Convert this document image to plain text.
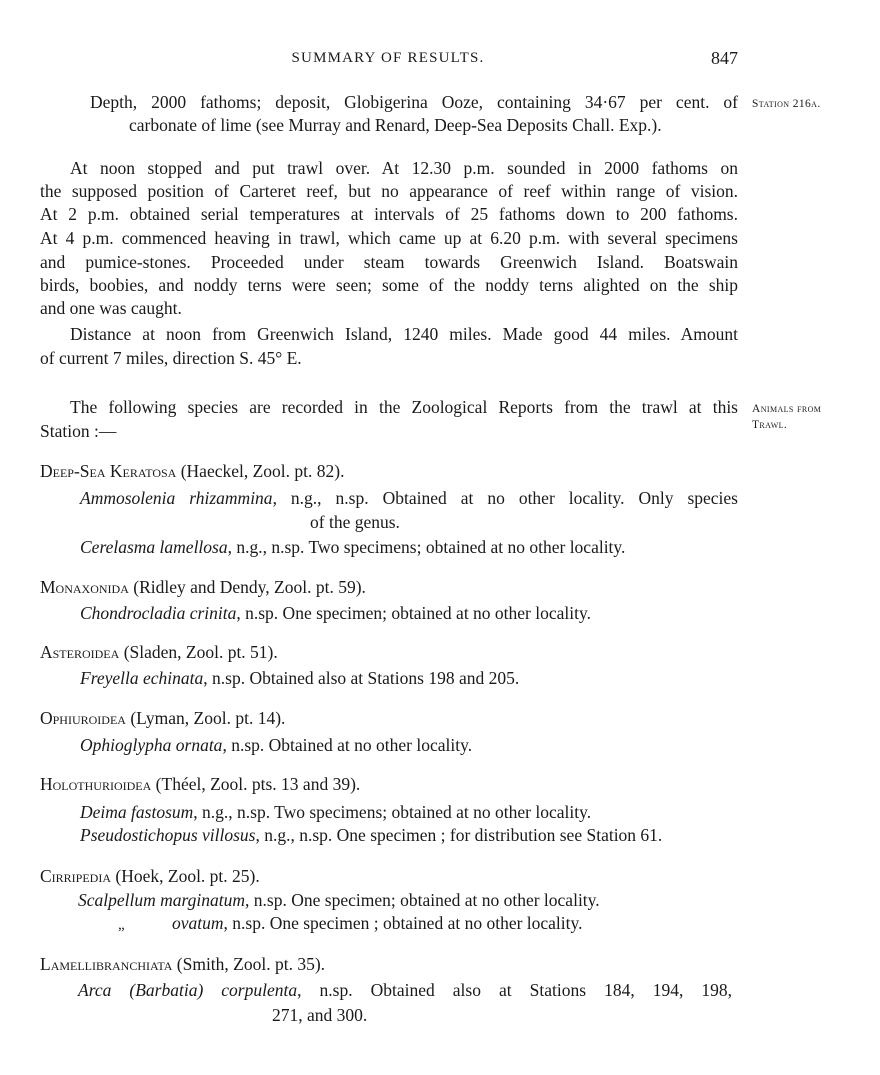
SUMMARY OF RESULTS.	847
Depth, 2000 fathoms; deposit, Globigerina Ooze, containing 34·67 per cent. of
carbonate of lime (see Murray and Renard, Deep-Sea Deposits Chall. Exp.).
Station 216a.
At noon stopped and put trawl over. At 12.30 p.m. sounded in 2000 fathoms on
the supposed position of Carteret reef, but no appearance of reef within range of vision.
At 2 p.m. obtained serial temperatures at intervals of 25 fathoms down to 200 fathoms.
At 4 p.m. commenced heaving in trawl, which came up at 6.20 p.m. with several specimens
and pumice-stones. Proceeded under steam towards Greenwich Island. Boatswain
birds, boobies, and noddy terns were seen; some of the noddy terns alighted on the ship
and one was caught.
Distance at noon from Greenwich Island, 1240 miles. Made good 44 miles. Amount
of current 7 miles, direction S. 45° E.
The following species are recorded in the Zoological Reports from the trawl at this
Station :—
Animals from
Trawl.
Deep-Sea Keratosa (Haeckel, Zool. pt. 82).
Ammosolenia rhizammina, n.g., n.sp. Obtained at no other locality. Only species
of the genus.
Cerelasma lamellosa, n.g., n.sp. Two specimens; obtained at no other locality.
Monaxonida (Ridley and Dendy, Zool. pt. 59).
Chondrocladia crinita, n.sp. One specimen; obtained at no other locality.
Asteroidea (Sladen, Zool. pt. 51).
Freyella echinata, n.sp. Obtained also at Stations 198 and 205.
Ophiuroidea (Lyman, Zool. pt. 14).
Ophioglypha ornata, n.sp. Obtained at no other locality.
Holothurioidea (Théel, Zool. pts. 13 and 39).
Deima fastosum, n.g., n.sp. Two specimens; obtained at no other locality.
Pseudostichopus villosus, n.g., n.sp. One specimen ; for distribution see Station 61.
Cirripedia (Hoek, Zool. pt. 25).
Scalpellum marginatum, n.sp. One specimen; obtained at no other locality.
„	ovatum, n.sp. One specimen ; obtained at no other locality.
Lamellibranchiata (Smith, Zool. pt. 35).
Arca (Barbatia) corpulenta, n.sp. Obtained also at Stations 184, 194, 198,
271, and 300.
